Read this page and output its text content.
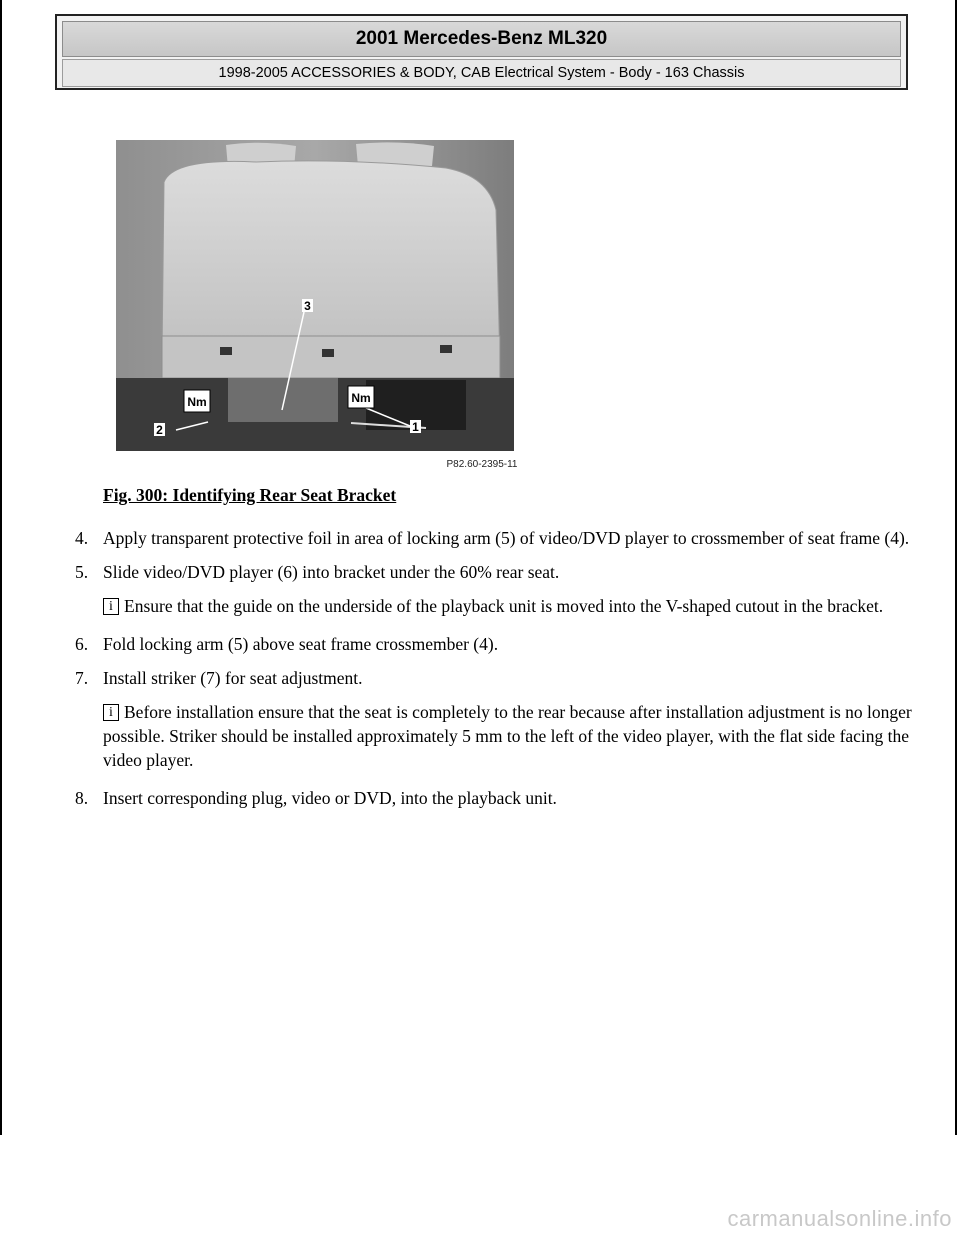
2001 Mercedes-Benz ML320
1998-2005 ACCESSORIES & BODY, CAB Electrical System - Body - 163 Chassis
Nm	Nm
3
2	1
P82.60-2395-11
Fig. 300: Identifying Rear Seat Bracket
4. Apply transparent protective foil in area of locking arm (5) of video/DVD player to crossmember of seat frame (4).
5. Slide video/DVD player (6) into bracket under the 60% rear seat.
i Ensure that the guide on the underside of the playback unit is moved into the V-shaped cutout in the bracket.
6. Fold locking arm (5) above seat frame crossmember (4).
7. Install striker (7) for seat adjustment.
i Before installation ensure that the seat is completely to the rear because after installation adjustment is no longer possible. Striker should be installed approximately 5 mm to the left of the video player, with the flat side facing the video player.
8. Insert corresponding plug, video or DVD, into the playback unit.
carmanualsonline.info
